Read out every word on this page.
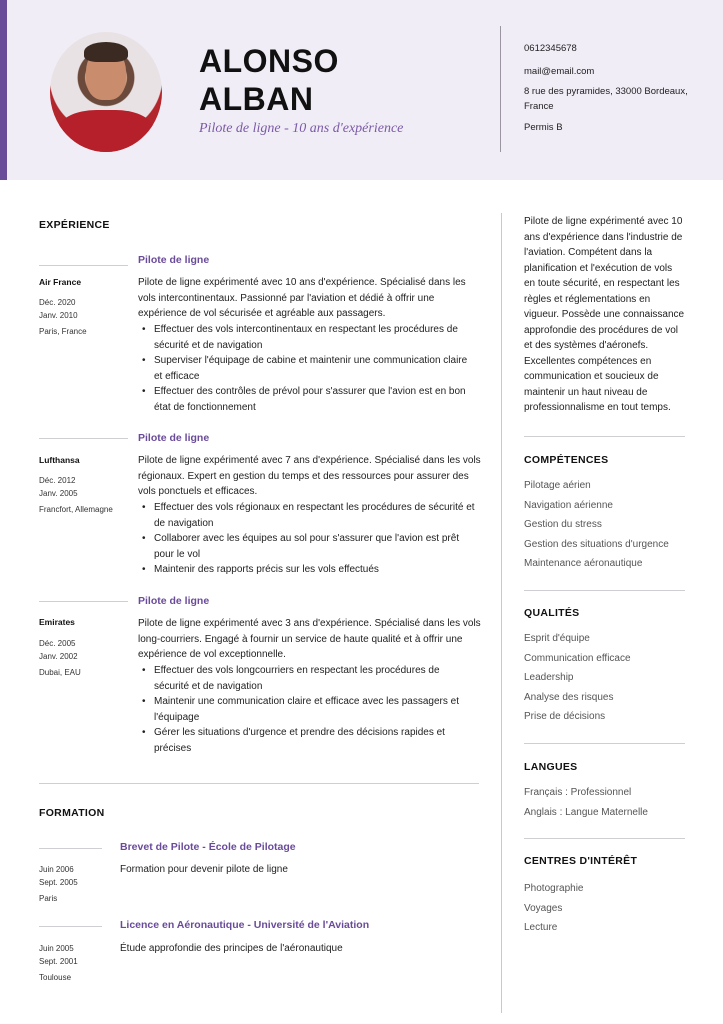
ALONSO
ALBAN
Pilote de ligne - 10 ans d'expérience
0612345678
mail@email.com
8 rue des pyramides, 33000 Bordeaux,
France
Permis B
EXPÉRIENCE
Pilote de ligne
Air France
Déc. 2020
Janv. 2010
Paris, France
Pilote de ligne expérimenté avec 10 ans d'expérience. Spécialisé dans les
vols intercontinentaux. Passionné par l'aviation et dédié à offrir une
expérience de vol sécurisée et agréable aux passagers.
• Effectuer des vols intercontinentaux en respectant les procédures de
sécurité et de navigation
• Superviser l'équipage de cabine et maintenir une communication claire
et efficace
• Effectuer des contrôles de prévol pour s'assurer que l'avion est en bon
état de fonctionnement
Pilote de ligne
Lufthansa
Déc. 2012
Janv. 2005
Francfort, Allemagne
Pilote de ligne expérimenté avec 7 ans d'expérience. Spécialisé dans les vols
régionaux. Expert en gestion du temps et des ressources pour assurer des
vols ponctuels et efficaces.
• Effectuer des vols régionaux en respectant les procédures de sécurité et
de navigation
• Collaborer avec les équipes au sol pour s'assurer que l'avion est prêt
pour le vol
• Maintenir des rapports précis sur les vols effectués
Pilote de ligne
Emirates
Déc. 2005
Janv. 2002
Dubai, EAU
Pilote de ligne expérimenté avec 3 ans d'expérience. Spécialisé dans les vols
long-courriers. Engagé à fournir un service de haute qualité et à offrir une
expérience de vol exceptionnelle.
• Effectuer des vols longcourriers en respectant les procédures de
sécurité et de navigation
• Maintenir une communication claire et efficace avec les passagers et
l'équipage
• Gérer les situations d'urgence et prendre des décisions rapides et
précises
FORMATION
Brevet de Pilote - École de Pilotage
Juin 2006
Sept. 2005
Paris
Formation pour devenir pilote de ligne
Licence en Aéronautique - Université de l'Aviation
Juin 2005
Sept. 2001
Toulouse
Étude approfondie des principes de l'aéronautique
Pilote de ligne expérimenté avec 10
ans d'expérience dans l'industrie de
l'aviation. Compétent dans la
planification et l'exécution de vols
en toute sécurité, en respectant les
règles et réglementations en
vigueur. Possède une connaissance
approfondie des procédures de vol
et des systèmes d'aéronefs.
Excellentes compétences en
communication et soucieux de
maintenir un haut niveau de
professionnalisme en tout temps.
COMPÉTENCES
Pilotage aérien
Navigation aérienne
Gestion du stress
Gestion des situations d'urgence
Maintenance aéronautique
QUALITÉS
Esprit d'équipe
Communication efficace
Leadership
Analyse des risques
Prise de décisions
LANGUES
Français : Professionnel
Anglais : Langue Maternelle
CENTRES D'INTÉRÊT
Photographie
Voyages
Lecture
